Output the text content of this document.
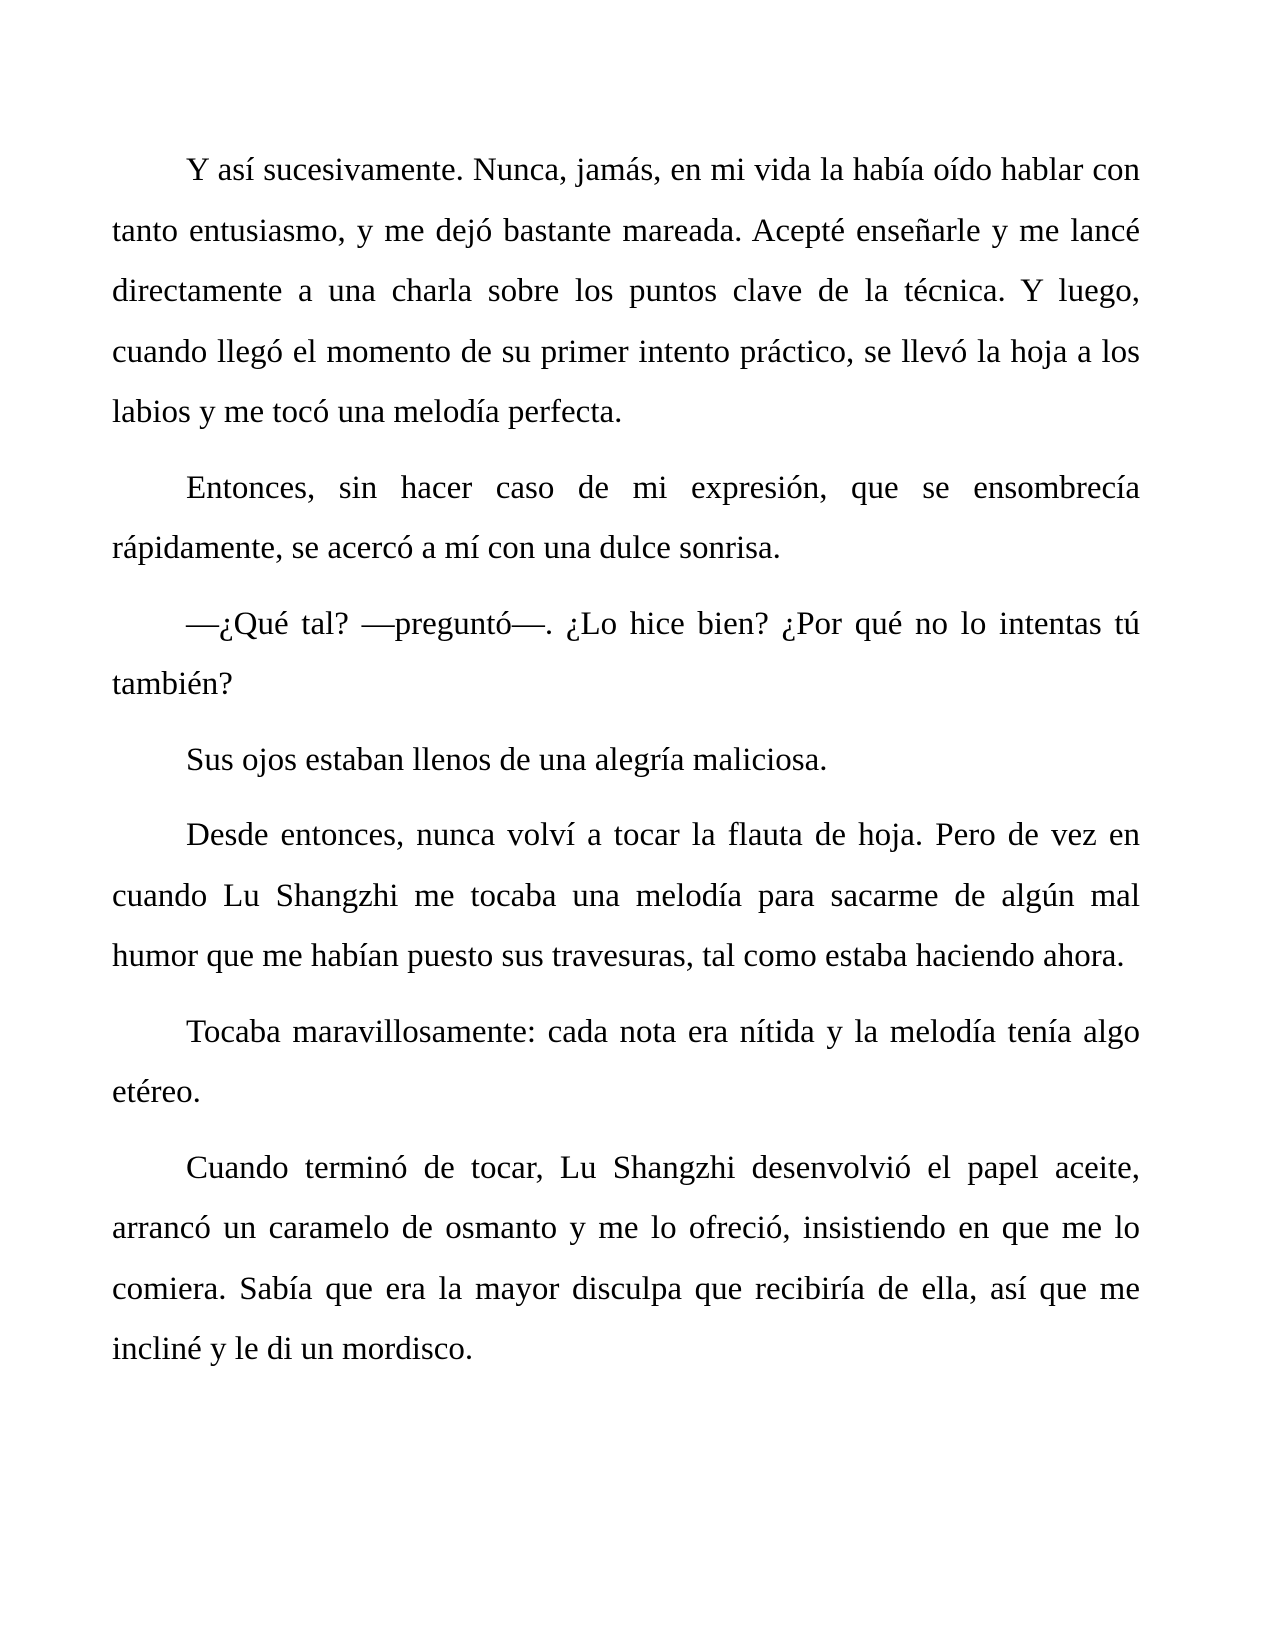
Y así sucesivamente. Nunca, jamás, en mi vida la había oído hablar con tanto entusiasmo, y me dejó bastante mareada. Acepté enseñarle y me lancé directamente a una charla sobre los puntos clave de la técnica. Y luego, cuando llegó el momento de su primer intento práctico, se llevó la hoja a los labios y me tocó una melodía perfecta.

Entonces, sin hacer caso de mi expresión, que se ensombrecía rápidamente, se acercó a mí con una dulce sonrisa.

—¿Qué tal? —preguntó—. ¿Lo hice bien? ¿Por qué no lo intentas tú también?

Sus ojos estaban llenos de una alegría maliciosa.

Desde entonces, nunca volví a tocar la flauta de hoja. Pero de vez en cuando Lu Shangzhi me tocaba una melodía para sacarme de algún mal humor que me habían puesto sus travesuras, tal como estaba haciendo ahora.

Tocaba maravillosamente: cada nota era nítida y la melodía tenía algo etéreo.

Cuando terminó de tocar, Lu Shangzhi desenvolvió el papel aceite, arrancó un caramelo de osmanto y me lo ofreció, insistiendo en que me lo comiera. Sabía que era la mayor disculpa que recibiría de ella, así que me incliné y le di un mordisco.
